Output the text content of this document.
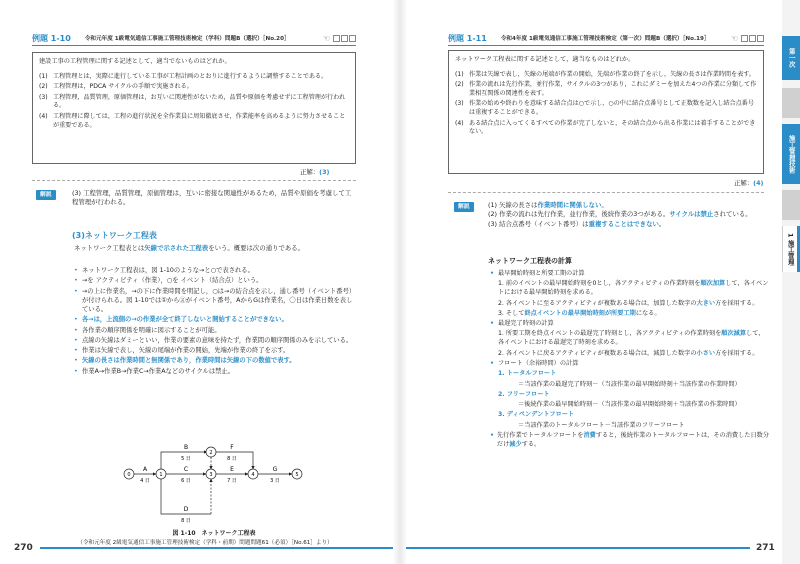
例題 1-10	令和元年度 1級電気通信工事施工管理技術検定（学科）問題B（選択）［No.20］	☜
建設工事の工程管理に関する記述として，適当でないものはどれか。
(1) 工程管理とは，実際に進行している工事が工程計画のとおりに進行するように調整することである。
(2) 工程管理は，PDCA サイクルの手順で実施される。
(3) 工程管理，品質管理，原価管理は，お互いに関連性がないため，品質や原価を考慮せずに工程管理が行われる。
(4) 工程管理に際しては，工程の進行状況を全作業員に周知徹底させ，作業能率を高めるように努力させることが重要である。
正解：(3)
解説	(3) 工程管理，品質管理，原価管理は，互いに密接な関連性があるため，品質や原価を考慮して工程管理が行われる。
(3)ネットワーク工程表
ネットワーク工程表とは矢線で示された工程表をいう。概要は次の通りである。
• ネットワーク工程表は，図 1-10のような→と○で表される。
• →を アクティビティ（作業），○を イベント（結合点）という。
• →の上に作業名，→の下に作業時間を明記し，○は→の結合点を示し，通し番号（イベント番号）が付けられる。図 1-10では①からⓖがイベント番号，AからGは作業名，〇日は作業日数を表している。
• 各→は，上流側の→の作業が全て終了しないと開始することができない。
• 各作業の順序関係を明確に図示することが可能。
• 点線の矢線はダミーといい，作業の要素の意味を持たず，作業間の順序関係のみを示している。
• 作業は矢線で表し，矢線の尾端が作業の開始，先端が作業の終了を示す。
• 矢線の長さは作業時間と無関係であり，作業時間は矢線の下の数値で表す。
• 作業A→作業B→作業C→作業Aなどのサイクルは禁止。
0	1
2
3	4	5
A
4 日
B
5 日
C
6 日
D
8 日
E
7 日
F
8 日
G
3 日
図 1-10　ネットワーク工程表
（令和元年度 2級電気通信工事施工管理技術検定（学科・前期）問題問題61（必須）［No.61］より）
270
例題 1-11	令和4年度 1級電気通信工事施工管理技術検定（第一次）問題B（選択）［No.19］	☜
ネットワーク工程表に関する記述として，適当なものはどれか。
(1) 作業は矢線で表し，矢線の尾端が作業の開始，先端が作業の終了を示し，矢線の長さは作業時間を表す。
(2) 作業の流れは先行作業，並行作業，サイクルの3つがあり，これにダミーを加えた4つの作業に分類して作業相互関係の関連性を表す。
(3) 作業の始めや終わりを意味する結合点は○で示し，○の中に結合点番号として正数数を記入し結合点番号は重複することができる。
(4) ある結合点に入ってくるすべての作業が完了しないと，その結合点から出る作業には着手することができない。
正解：(4)
解説	(1) 矢線の長さは作業時間に関係しない。
(2) 作業の流れは先行作業，並行作業，後続作業の3つがある。サイクルは禁止されている。
(3) 結合点番号（イベント番号）は重複することはできない。
ネットワーク工程表の計算
• 最早開始時刻と所要工期の計算
1. 前のイベントの最早開始時刻を0とし，各アクティビティの作業時刻を順次加算して，各イベントにおける最早開始時刻を求める。
2. 各イベントに至るアクティビティが複数ある場合は，加算した数字の大きい方を採用する。
3. そして終点イベントの最早開始時刻が所要工期になる。
• 最遅完了時刻の計算
1. 所要工期を終点イベントの最遅完了時刻とし，各アクティビティの作業時刻を順次減算して，各イベントにおける最遅完了時刻を求める。
2. 各イベントに戻るアクティビティが複数ある場合は，減算した数字の小さい方を採用する。
• フロート（余裕時間）の計算
1. トータルフロート
＝当該作業の最遅完了時刻－（当該作業の最早開始時刻＋当該作業の作業時間）
2. フリーフロート
＝後続作業の最早開始時刻－（当該作業の最早開始時刻＋当該作業の作業時間）
3. ディペンデントフロート
＝当該作業のトータルフロート－当該作業のフリーフロート
• 先行作業でトータルフロートを消費すると，後続作業のトータルフロートは，その消費した日数分だけ減少する。
271
第一次
施工管理技術
1 施工管理
